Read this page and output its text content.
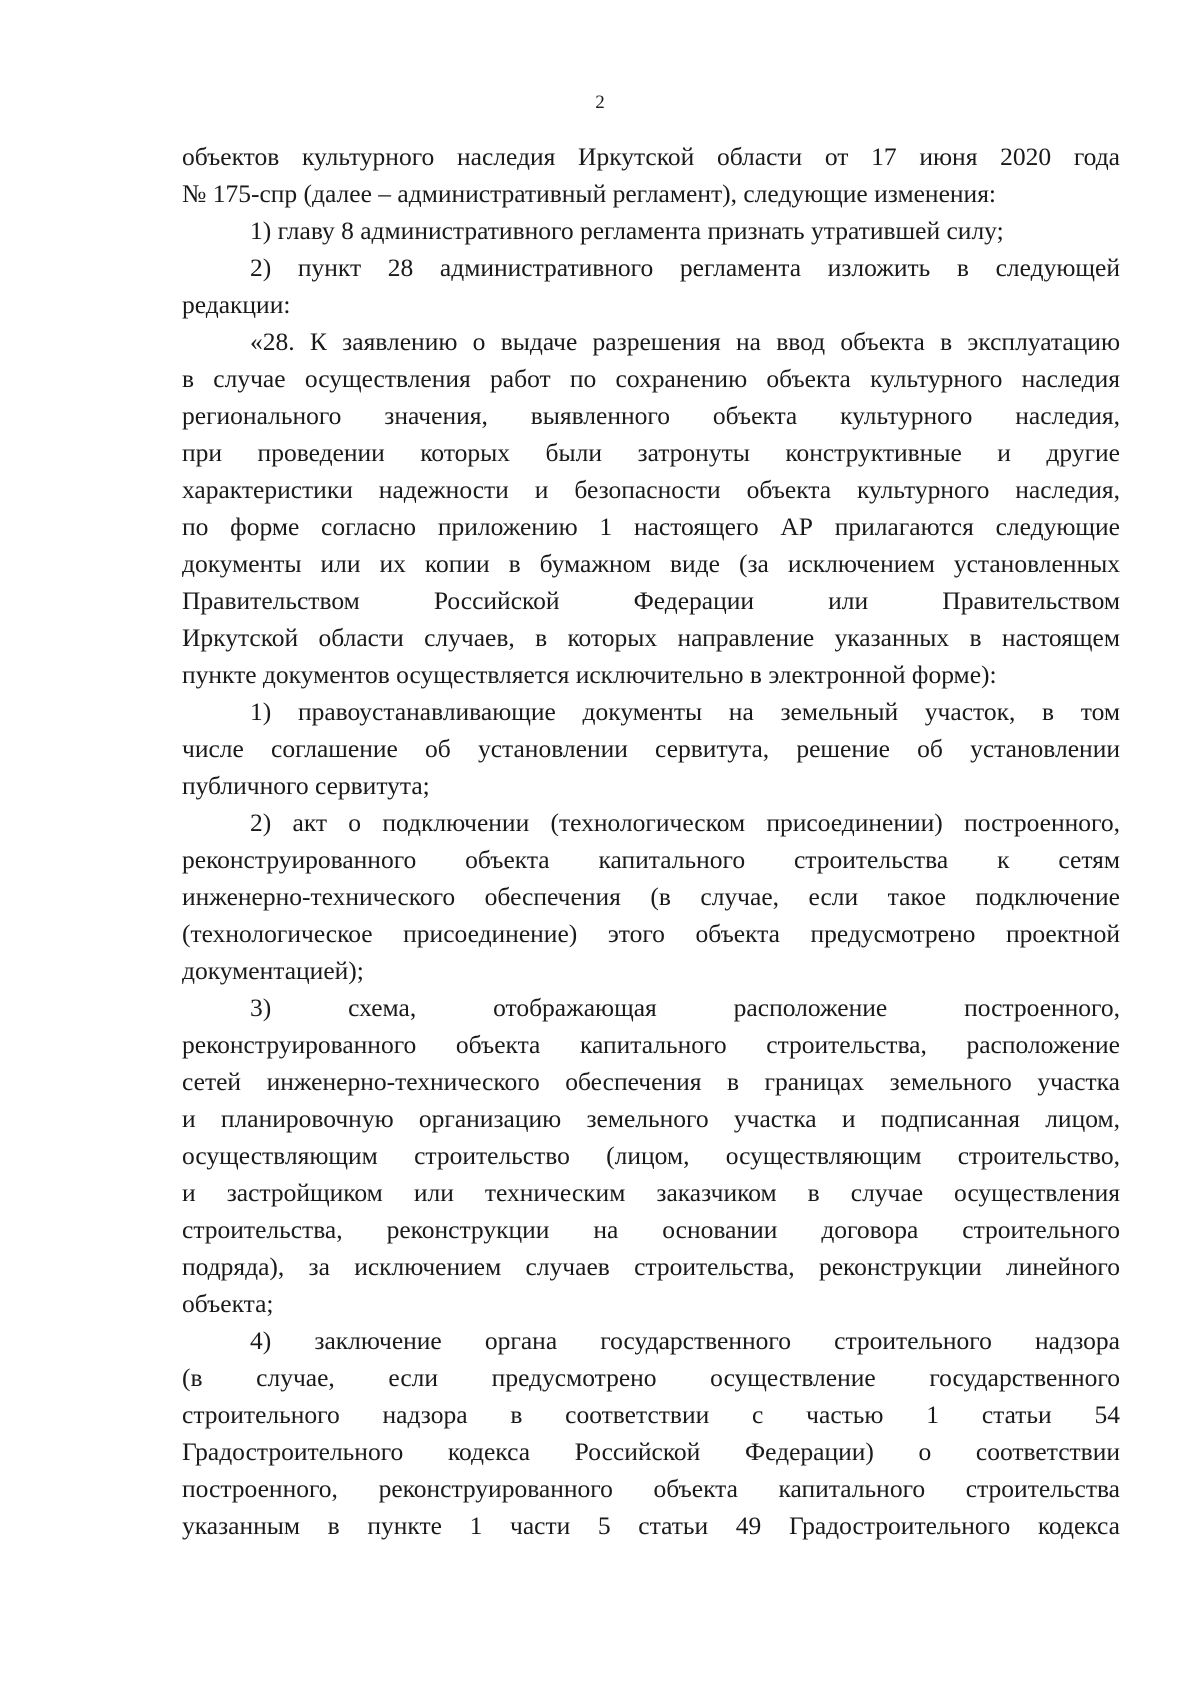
2
объектов культурного наследия Иркутской области от 17 июня 2020 года
№ 175-спр (далее – административный регламент), следующие изменения:
1) главу 8 административного регламента признать утратившей силу;
2) пункт 28 административного регламента изложить в следующей
редакции:
«28. К заявлению о выдаче разрешения на ввод объекта в эксплуатацию
в случае осуществления работ по сохранению объекта культурного наследия
регионального значения, выявленного объекта культурного наследия,
при проведении которых были затронуты конструктивные и другие
характеристики надежности и безопасности объекта культурного наследия,
по форме согласно приложению 1 настоящего АР прилагаются следующие
документы или их копии в бумажном виде (за исключением установленных
Правительством Российской Федерации или Правительством
Иркутской области случаев, в которых направление указанных в настоящем
пункте документов осуществляется исключительно в электронной форме):
1) правоустанавливающие документы на земельный участок, в том
числе соглашение об установлении сервитута, решение об установлении
публичного сервитута;
2) акт о подключении (технологическом присоединении) построенного,
реконструированного объекта капитального строительства к сетям
инженерно-технического обеспечения (в случае, если такое подключение
(технологическое присоединение) этого объекта предусмотрено проектной
документацией);
3) схема, отображающая расположение построенного,
реконструированного объекта капитального строительства, расположение
сетей инженерно-технического обеспечения в границах земельного участка
и планировочную организацию земельного участка и подписанная лицом,
осуществляющим строительство (лицом, осуществляющим строительство,
и застройщиком или техническим заказчиком в случае осуществления
строительства, реконструкции на основании договора строительного
подряда), за исключением случаев строительства, реконструкции линейного
объекта;
4) заключение органа государственного строительного надзора
(в случае, если предусмотрено осуществление государственного
строительного надзора в соответствии с частью 1 статьи 54
Градостроительного кодекса Российской Федерации) о соответствии
построенного, реконструированного объекта капитального строительства
указанным в пункте 1 части 5 статьи 49 Градостроительного кодекса
